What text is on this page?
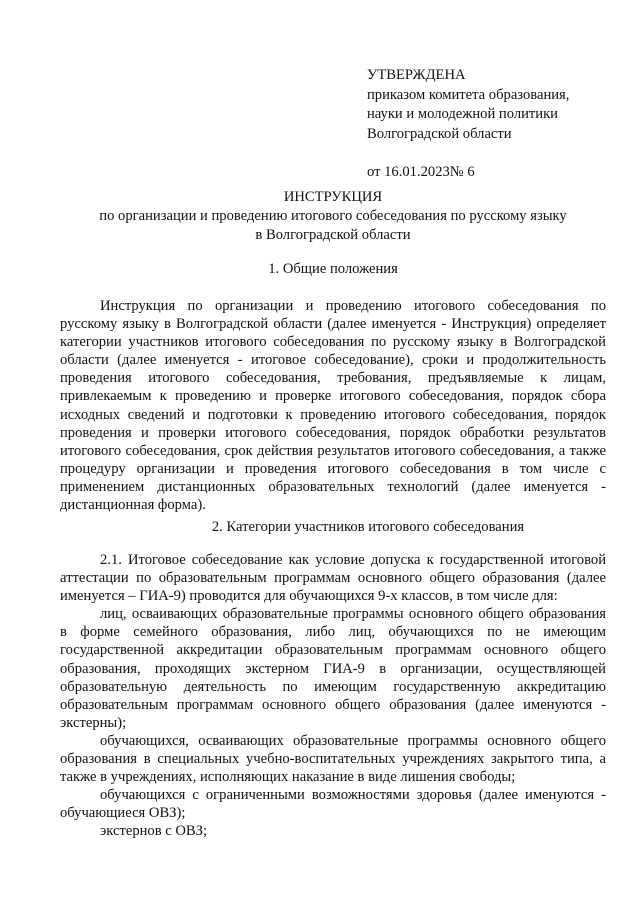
УТВЕРЖДЕНА
приказом комитета образования,
науки и молодежной политики
Волгоградской области
от 16.01.2023№ 6
ИНСТРУКЦИЯ
по организации и проведению итогового собеседования по русскому языку
в Волгоградской области
1. Общие положения

Инструкция по организации и проведению итогового собеседования по русскому языку в Волгоградской области (далее именуется - Инструкция) определяет категории участников итогового собеседования по русскому языку в Волгоградской области (далее именуется - итоговое собеседование), сроки и продолжительность проведения итогового собеседования, требования, предъявляемые к лицам, привлекаемым к проведению и проверке итогового собеседования, порядок сбора исходных сведений и подготовки к проведению итогового собеседования, порядок проведения и проверки итогового собеседования, порядок обработки результатов итогового собеседования, срок действия результатов итогового собеседования, а также процедуру организации и проведения итогового собеседования в том числе с применением дистанционных образовательных технологий (далее именуется - дистанционная форма).

2. Категории участников итогового собеседования

2.1. Итоговое собеседование как условие допуска к государственной итоговой аттестации по образовательным программам основного общего образования (далее именуется – ГИА-9) проводится для обучающихся 9-х классов, в том числе для:

лиц, осваивающих образовательные программы основного общего образования в форме семейного образования, либо лиц, обучающихся по не имеющим государственной аккредитации образовательным программам основного общего образования, проходящих экстерном ГИА-9 в организации, осуществляющей образовательную деятельность по имеющим государственную аккредитацию образовательным программам основного общего образования (далее именуются - экстерны);

обучающихся, осваивающих образовательные программы основного общего образования в специальных учебно-воспитательных учреждениях закрытого типа, а также в учреждениях, исполняющих наказание в виде лишения свободы;

обучающихся с ограниченными возможностями здоровья (далее именуются - обучающиеся ОВЗ);

экстернов с ОВЗ;
